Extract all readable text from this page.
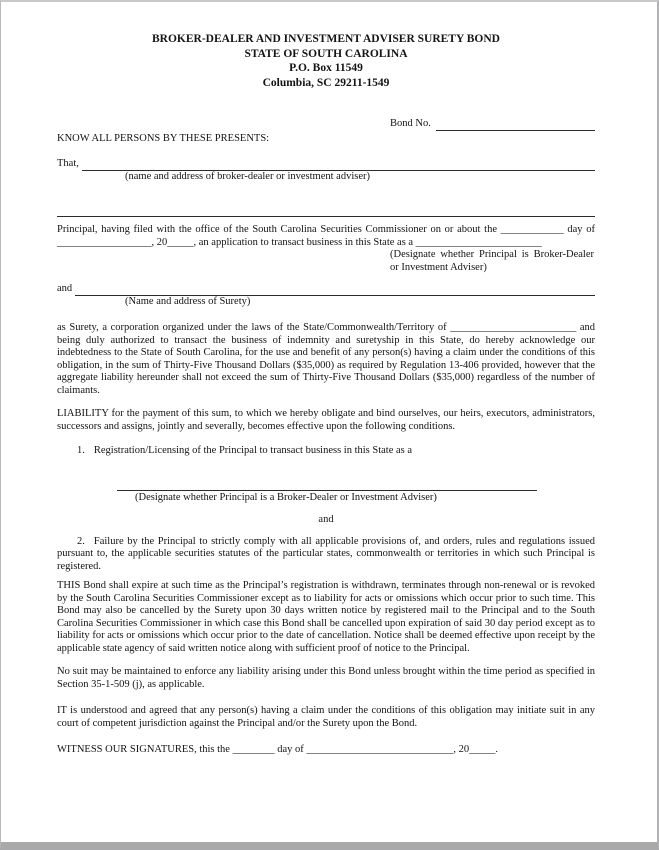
BROKER-DEALER AND INVESTMENT ADVISER SURETY BOND
STATE OF SOUTH CAROLINA
P.O. Box 11549
Columbia, SC 29211-1549
Bond No.
KNOW ALL PERSONS BY THESE PRESENTS:
That,
(name and address of broker-dealer or investment adviser)

Principal, having filed with the office of the South Carolina Securities Commissioner on or about the ____________ day of __________________, 20_____, an application to transact business in this State as a ________________________

(Designate whether Principal is Broker-Dealer or Investment Adviser)
and
(Name and address of Surety)

as Surety, a corporation organized under the laws of the State/Commonwealth/Territory of ________________________ and being duly authorized to transact the business of indemnity and suretyship in this State, do hereby acknowledge our indebtedness to the State of South Carolina, for the use and benefit of any person(s) having a claim under the conditions of this obligation, in the sum of Thirty-Five Thousand Dollars ($35,000) as required by Regulation 13-406 provided, however that the aggregate liability hereunder shall not exceed the sum of Thirty-Five Thousand Dollars ($35,000) regardless of the number of claimants.

LIABILITY for the payment of this sum, to which we hereby obligate and bind ourselves, our heirs, executors, administrators, successors and assigns, jointly and severally, becomes effective upon the following conditions.

1. Registration/Licensing of the Principal to transact business in this State as a
(Designate whether Principal is a Broker-Dealer or Investment Adviser)
and
2. Failure by the Principal to strictly comply with all applicable provisions of, and orders, rules and regulations issued pursuant to, the applicable securities statutes of the particular states, commonwealth or territories in which such Principal is registered.

THIS Bond shall expire at such time as the Principal’s registration is withdrawn, terminates through non-renewal or is revoked by the South Carolina Securities Commissioner except as to liability for acts or omissions which occur prior to such time. This Bond may also be cancelled by the Surety upon 30 days written notice by registered mail to the Principal and to the South Carolina Securities Commissioner in which case this Bond shall be cancelled upon expiration of said 30 day period except as to liability for acts or omissions which occur prior to the date of cancellation. Notice shall be deemed effective upon receipt by the applicable state agency of said written notice along with sufficient proof of notice to the Principal.

No suit may be maintained to enforce any liability arising under this Bond unless brought within the time period as specified in Section 35-1-509 (j), as applicable.

IT is understood and agreed that any person(s) having a claim under the conditions of this obligation may initiate suit in any court of competent jurisdiction against the Principal and/or the Surety upon the Bond.

WITNESS OUR SIGNATURES, this the ________ day of ____________________________, 20_____.
